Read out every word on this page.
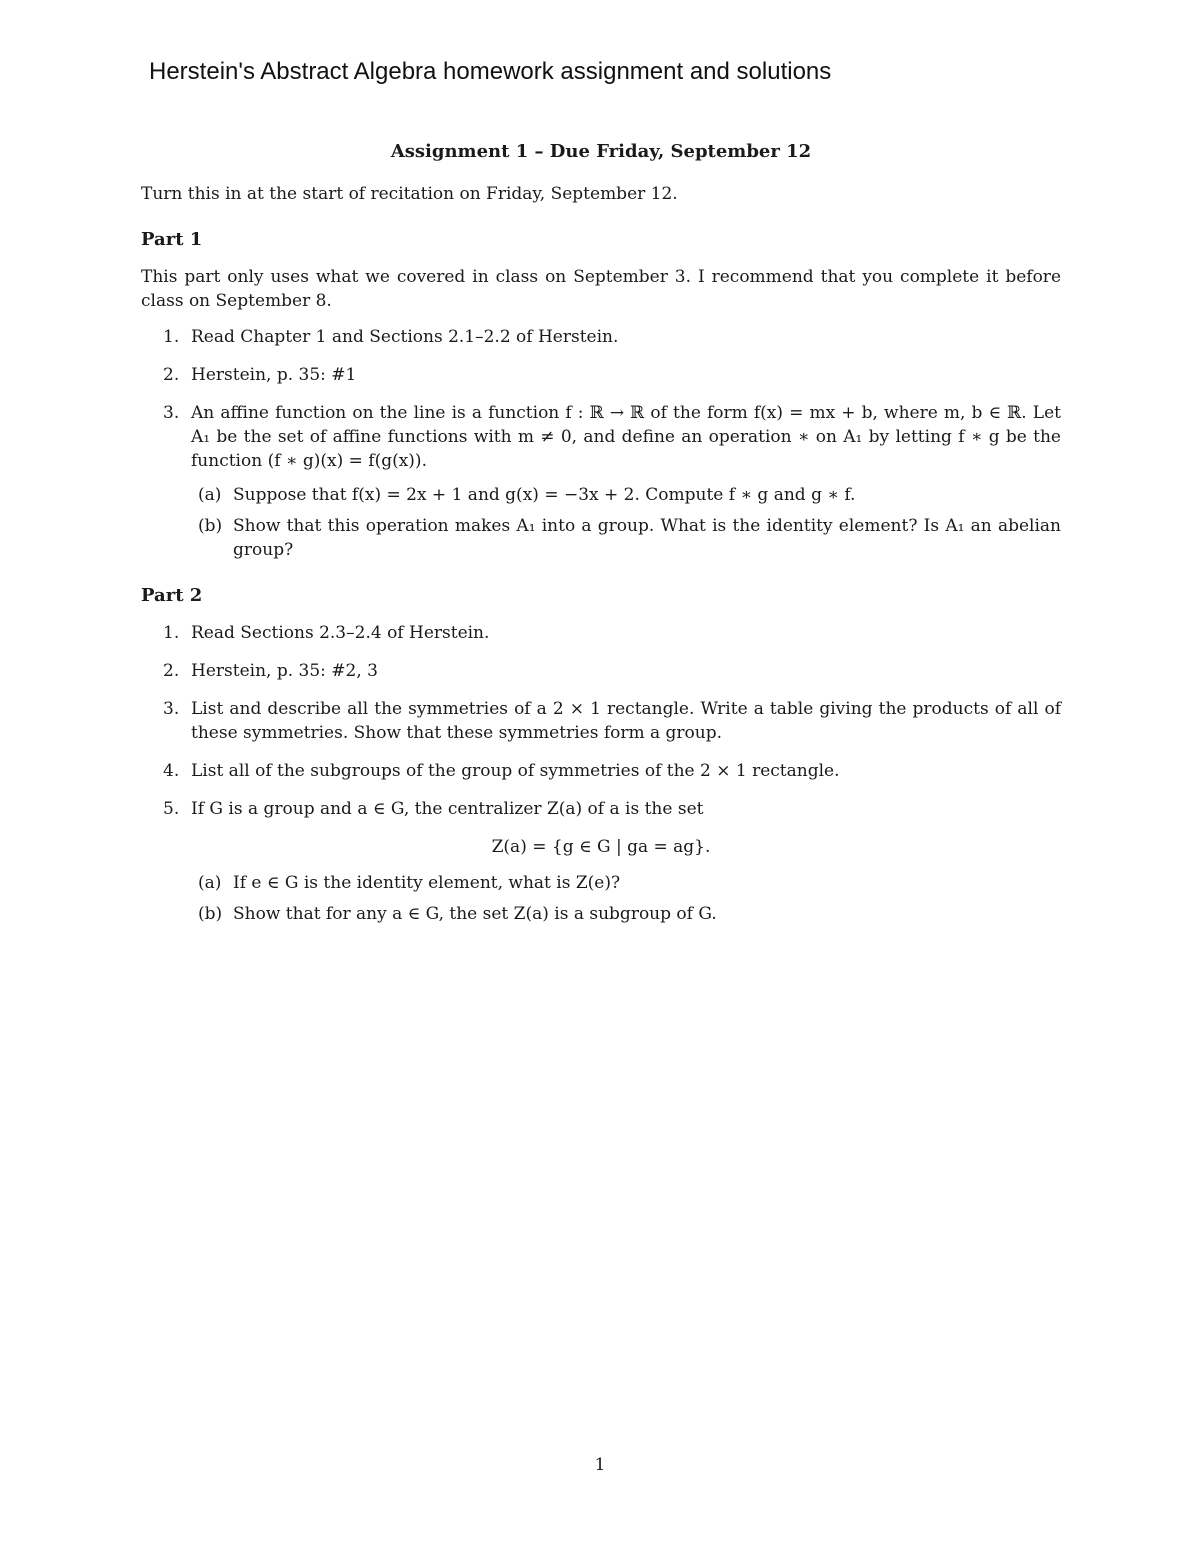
Herstein's Abstract Algebra homework assignment and solutions
Assignment 1 – Due Friday, September 12
Turn this in at the start of recitation on Friday, September 12.
Part 1
This part only uses what we covered in class on September 3. I recommend that you complete it before class on September 8.
1. Read Chapter 1 and Sections 2.1–2.2 of Herstein.
2. Herstein, p. 35: #1
3. An affine function on the line is a function f : ℝ → ℝ of the form f(x) = mx + b, where m, b ∈ ℝ. Let A₁ be the set of affine functions with m ≠ 0, and define an operation ∗ on A₁ by letting f ∗ g be the function (f ∗ g)(x) = f(g(x)).
(a) Suppose that f(x) = 2x + 1 and g(x) = −3x + 2. Compute f ∗ g and g ∗ f.
(b) Show that this operation makes A₁ into a group. What is the identity element? Is A₁ an abelian group?
Part 2
1. Read Sections 2.3–2.4 of Herstein.
2. Herstein, p. 35: #2, 3
3. List and describe all the symmetries of a 2 × 1 rectangle. Write a table giving the products of all of these symmetries. Show that these symmetries form a group.
4. List all of the subgroups of the group of symmetries of the 2 × 1 rectangle.
5. If G is a group and a ∈ G, the centralizer Z(a) of a is the set
Z(a) = {g ∈ G | ga = ag}.
(a) If e ∈ G is the identity element, what is Z(e)?
(b) Show that for any a ∈ G, the set Z(a) is a subgroup of G.
1
